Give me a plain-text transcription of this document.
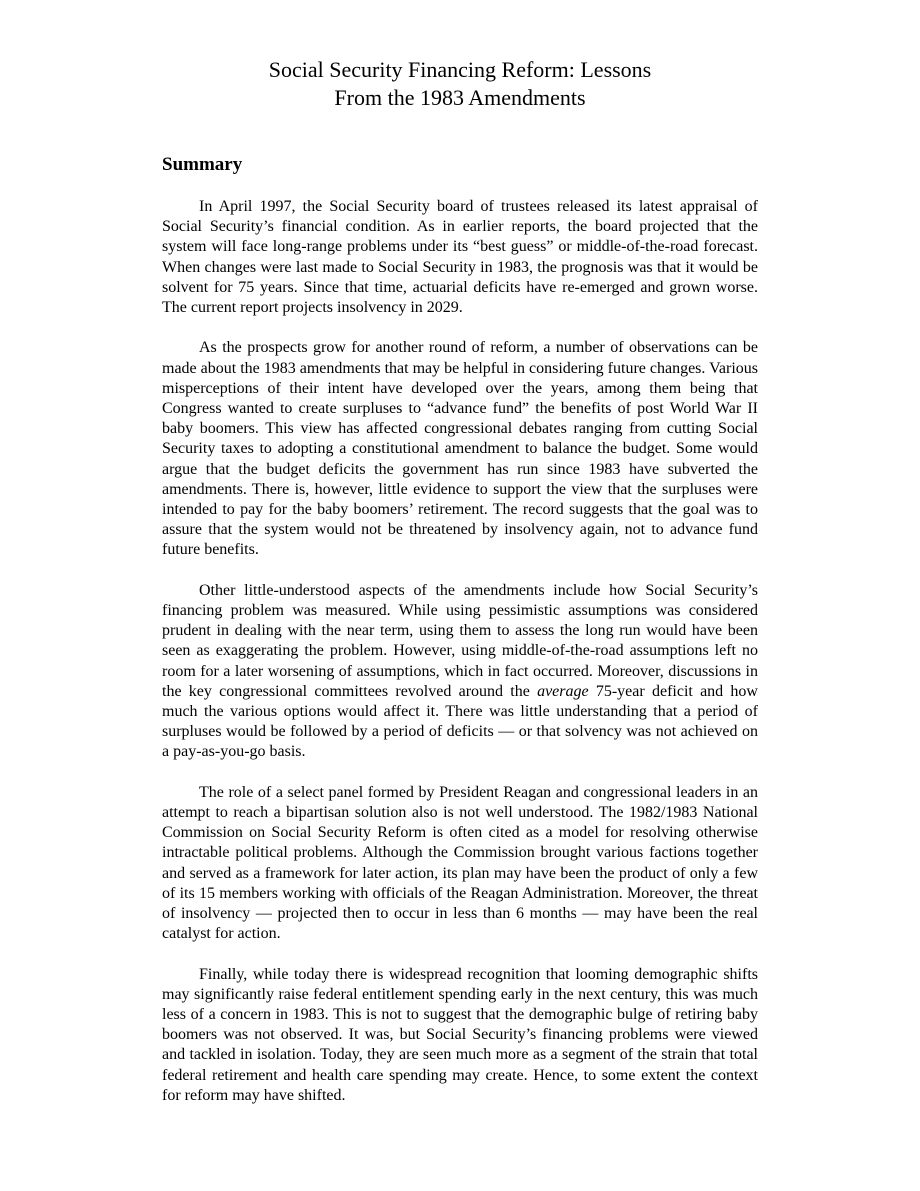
Social Security Financing Reform: Lessons
From the 1983 Amendments
Summary

In April 1997, the Social Security board of trustees released its latest appraisal of Social Security’s financial condition. As in earlier reports, the board projected that the system will face long-range problems under its “best guess” or middle-of-the-road forecast. When changes were last made to Social Security in 1983, the prognosis was that it would be solvent for 75 years. Since that time, actuarial deficits have re-emerged and grown worse. The current report projects insolvency in 2029.

As the prospects grow for another round of reform, a number of observations can be made about the 1983 amendments that may be helpful in considering future changes. Various misperceptions of their intent have developed over the years, among them being that Congress wanted to create surpluses to “advance fund” the benefits of post World War II baby boomers. This view has affected congressional debates ranging from cutting Social Security taxes to adopting a constitutional amendment to balance the budget. Some would argue that the budget deficits the government has run since 1983 have subverted the amendments. There is, however, little evidence to support the view that the surpluses were intended to pay for the baby boomers’ retirement. The record suggests that the goal was to assure that the system would not be threatened by insolvency again, not to advance fund future benefits.

Other little-understood aspects of the amendments include how Social Security’s financing problem was measured. While using pessimistic assumptions was considered prudent in dealing with the near term, using them to assess the long run would have been seen as exaggerating the problem. However, using middle-of-the-road assumptions left no room for a later worsening of assumptions, which in fact occurred. Moreover, discussions in the key congressional committees revolved around the average 75-year deficit and how much the various options would affect it. There was little understanding that a period of surpluses would be followed by a period of deficits — or that solvency was not achieved on a pay-as-you-go basis.

The role of a select panel formed by President Reagan and congressional leaders in an attempt to reach a bipartisan solution also is not well understood. The 1982/1983 National Commission on Social Security Reform is often cited as a model for resolving otherwise intractable political problems. Although the Commission brought various factions together and served as a framework for later action, its plan may have been the product of only a few of its 15 members working with officials of the Reagan Administration. Moreover, the threat of insolvency — projected then to occur in less than 6 months — may have been the real catalyst for action.

Finally, while today there is widespread recognition that looming demographic shifts may significantly raise federal entitlement spending early in the next century, this was much less of a concern in 1983. This is not to suggest that the demographic bulge of retiring baby boomers was not observed. It was, but Social Security’s financing problems were viewed and tackled in isolation. Today, they are seen much more as a segment of the strain that total federal retirement and health care spending may create. Hence, to some extent the context for reform may have shifted.
